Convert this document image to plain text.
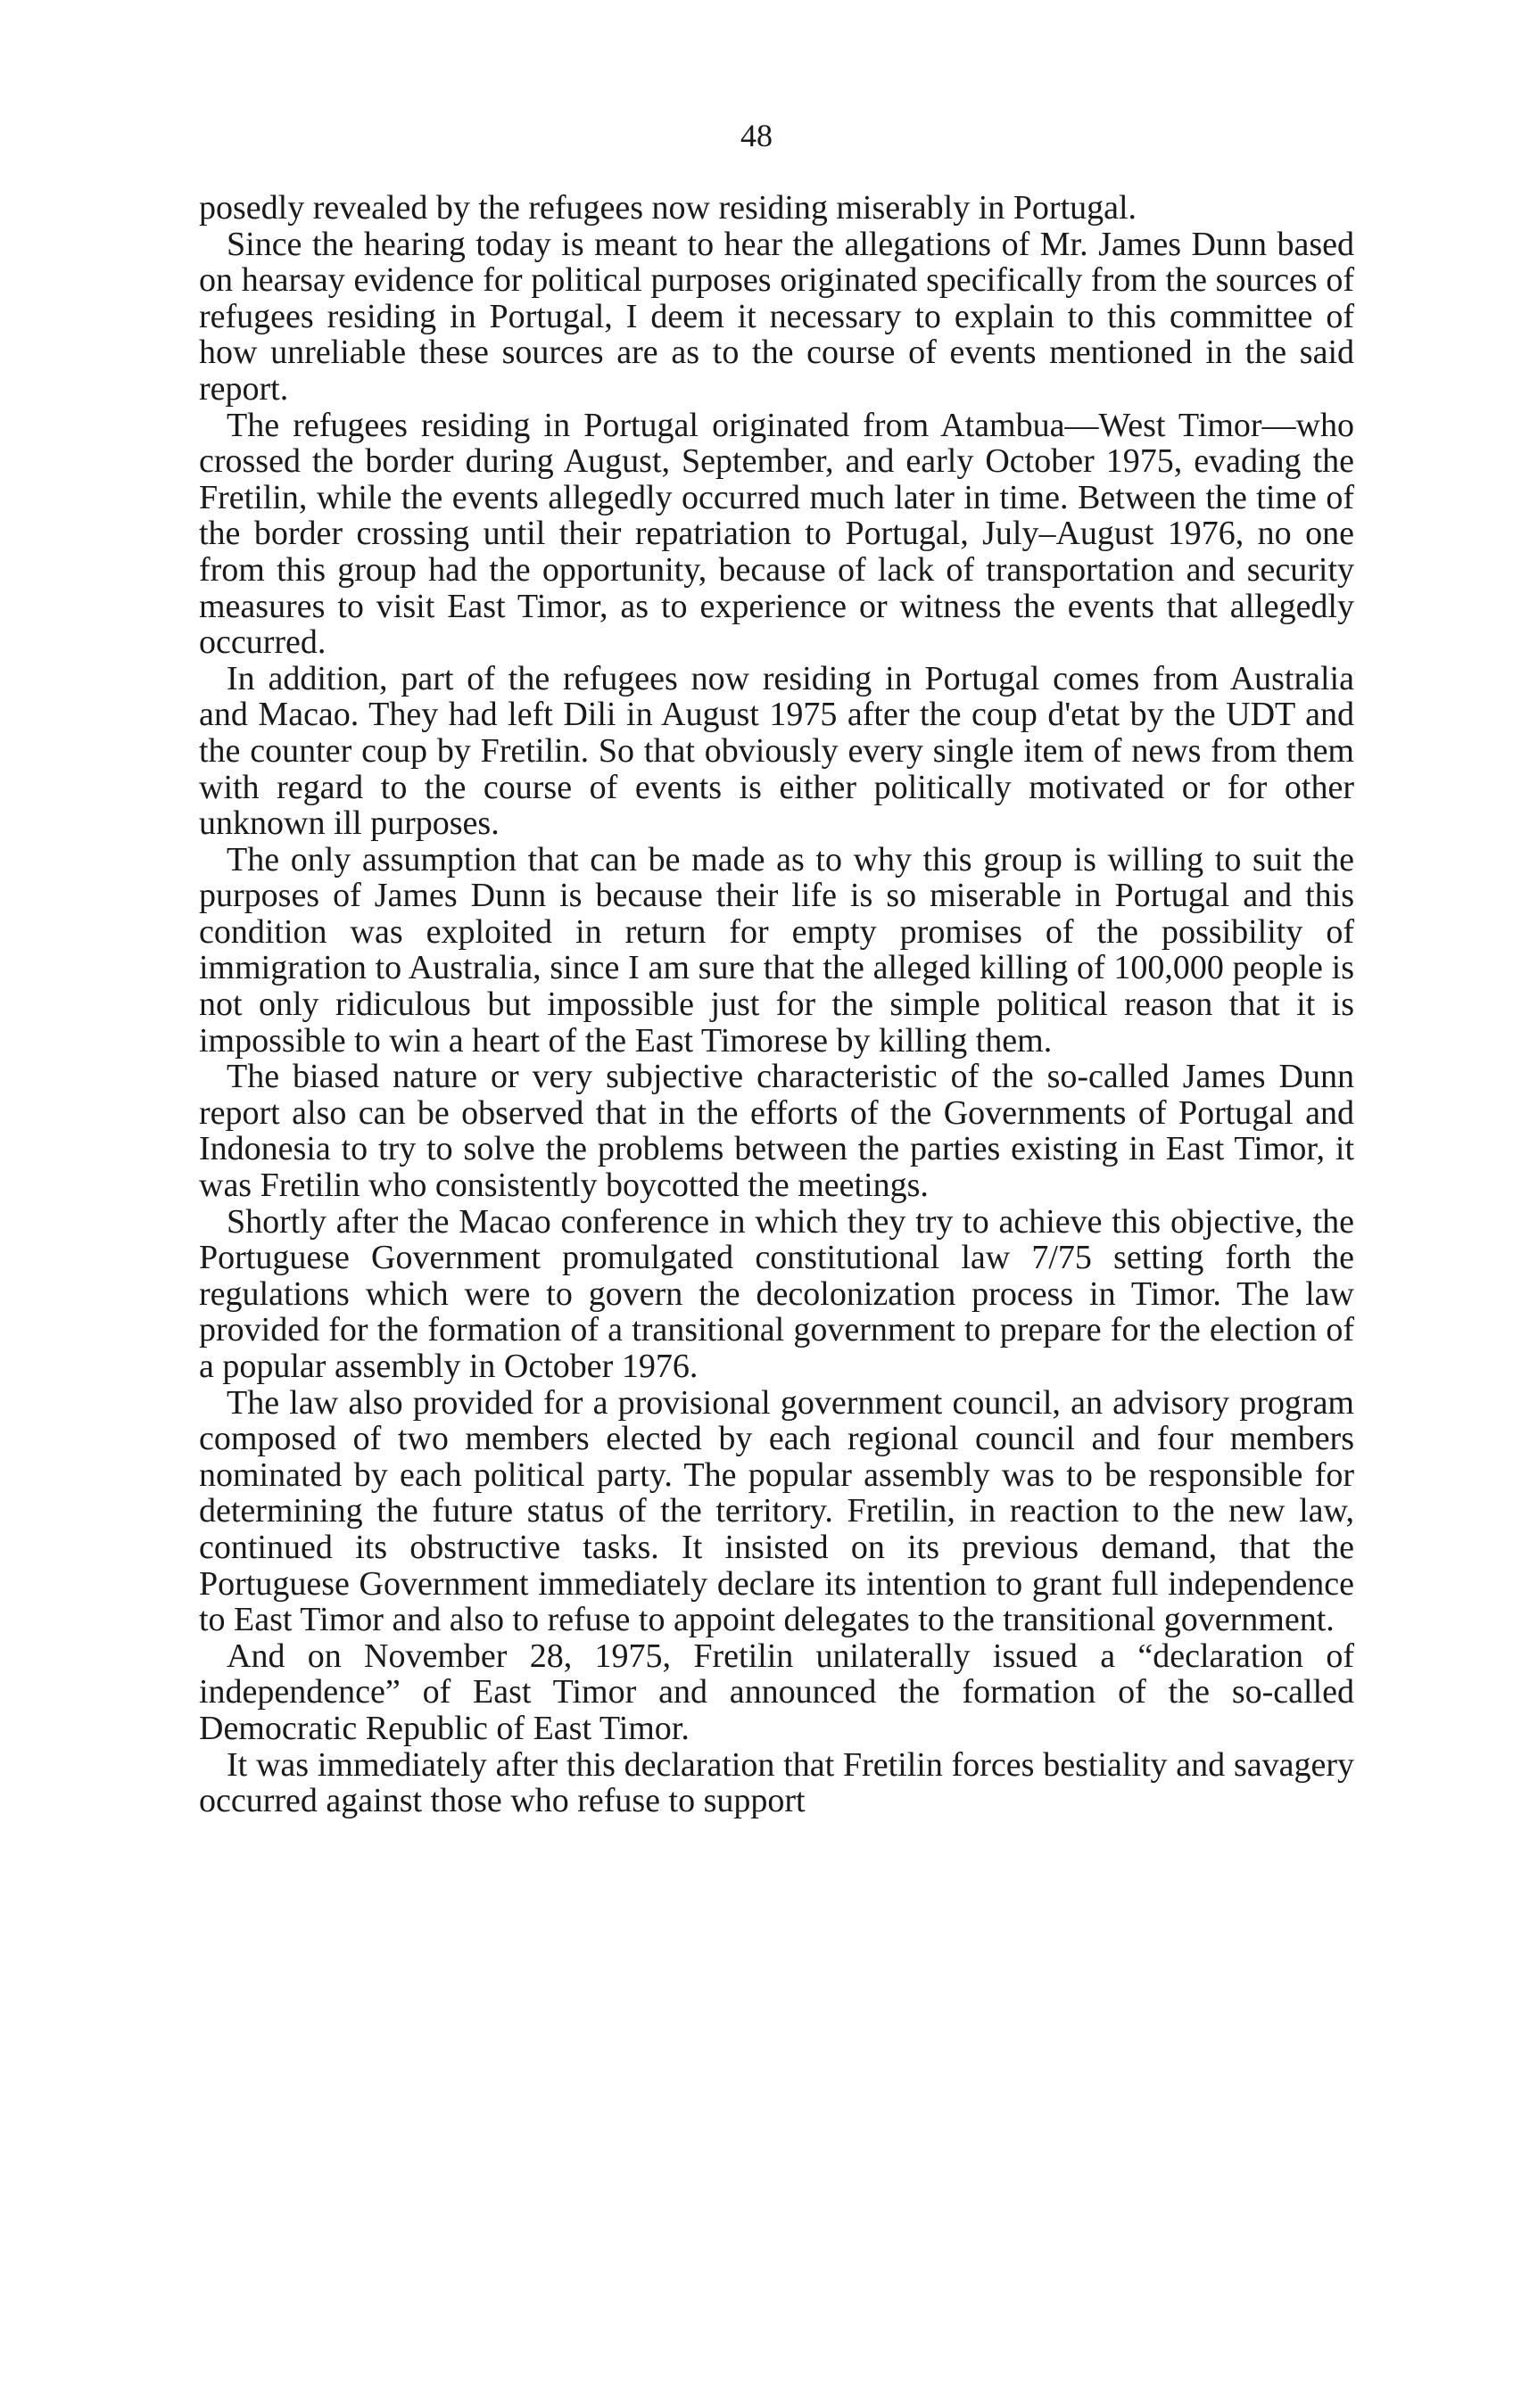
48

posedly revealed by the refugees now residing miserably in Portugal.

Since the hearing today is meant to hear the allegations of Mr. James Dunn based on hearsay evidence for political purposes originated specifically from the sources of refugees residing in Portugal, I deem it necessary to explain to this committee of how unreliable these sources are as to the course of events mentioned in the said report.

The refugees residing in Portugal originated from Atambua—West Timor—who crossed the border during August, September, and early October 1975, evading the Fretilin, while the events allegedly occurred much later in time. Between the time of the border crossing until their repatriation to Portugal, July–August 1976, no one from this group had the opportunity, because of lack of transportation and security measures to visit East Timor, as to experience or witness the events that allegedly occurred.

In addition, part of the refugees now residing in Portugal comes from Australia and Macao. They had left Dili in August 1975 after the coup d'etat by the UDT and the counter coup by Fretilin. So that obviously every single item of news from them with regard to the course of events is either politically motivated or for other unknown ill purposes.

The only assumption that can be made as to why this group is willing to suit the purposes of James Dunn is because their life is so miserable in Portugal and this condition was exploited in return for empty promises of the possibility of immigration to Australia, since I am sure that the alleged killing of 100,000 people is not only ridiculous but impossible just for the simple political reason that it is impossible to win a heart of the East Timorese by killing them.

The biased nature or very subjective characteristic of the so-called James Dunn report also can be observed that in the efforts of the Governments of Portugal and Indonesia to try to solve the problems between the parties existing in East Timor, it was Fretilin who consistently boycotted the meetings.

Shortly after the Macao conference in which they try to achieve this objective, the Portuguese Government promulgated constitutional law 7/75 setting forth the regulations which were to govern the decolonization process in Timor. The law provided for the formation of a transitional government to prepare for the election of a popular assembly in October 1976.

The law also provided for a provisional government council, an advisory program composed of two members elected by each regional council and four members nominated by each political party. The popular assembly was to be responsible for determining the future status of the territory. Fretilin, in reaction to the new law, continued its obstructive tasks. It insisted on its previous demand, that the Portuguese Government immediately declare its intention to grant full independence to East Timor and also to refuse to appoint delegates to the transitional government.

And on November 28, 1975, Fretilin unilaterally issued a “declaration of independence” of East Timor and announced the formation of the so-called Democratic Republic of East Timor.

It was immediately after this declaration that Fretilin forces bestiality and savagery occurred against those who refuse to support
